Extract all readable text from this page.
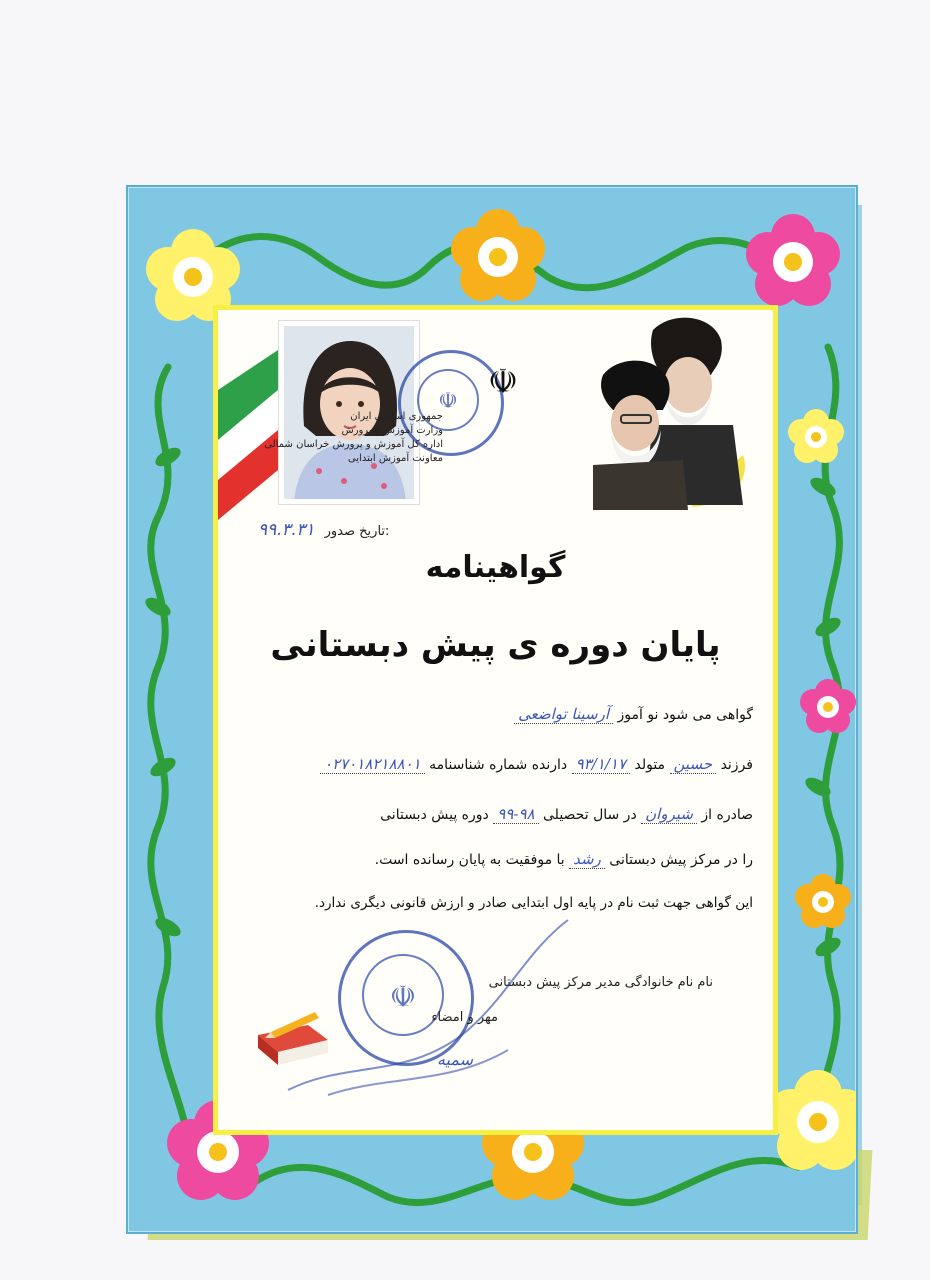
☫ ☫
جمهوری اسلامی ایران
وزارت آموزش و پرورش
اداره کل آموزش و پرورش خراسان شمالی
معاونت آموزش ابتدایی
۹۹.۳.۳۱ تاریخ صدور:
گواهینامه
پایان دوره ی پیش دبستانی
گواهی می شود نو آموز آرسینا تواضعی
فرزند حسین متولد ۹۳/۱/۱۷ دارنده شماره شناسنامه ۰۲۷۰۱۸۲۱۸۸۰۱
صادره از شیروان در سال تحصیلی ۹۸-۹۹ دوره پیش دبستانی
را در مرکز پیش دبستانی رشد با موفقیت به پایان رسانده است.
این گواهی جهت ثبت نام در پایه اول ابتدایی صادر و ارزش قانونی دیگری ندارد.
☫	نام نام خانوادگی مدیر مرکز پیش دبستانی
مهر و امضاء
سمیه
